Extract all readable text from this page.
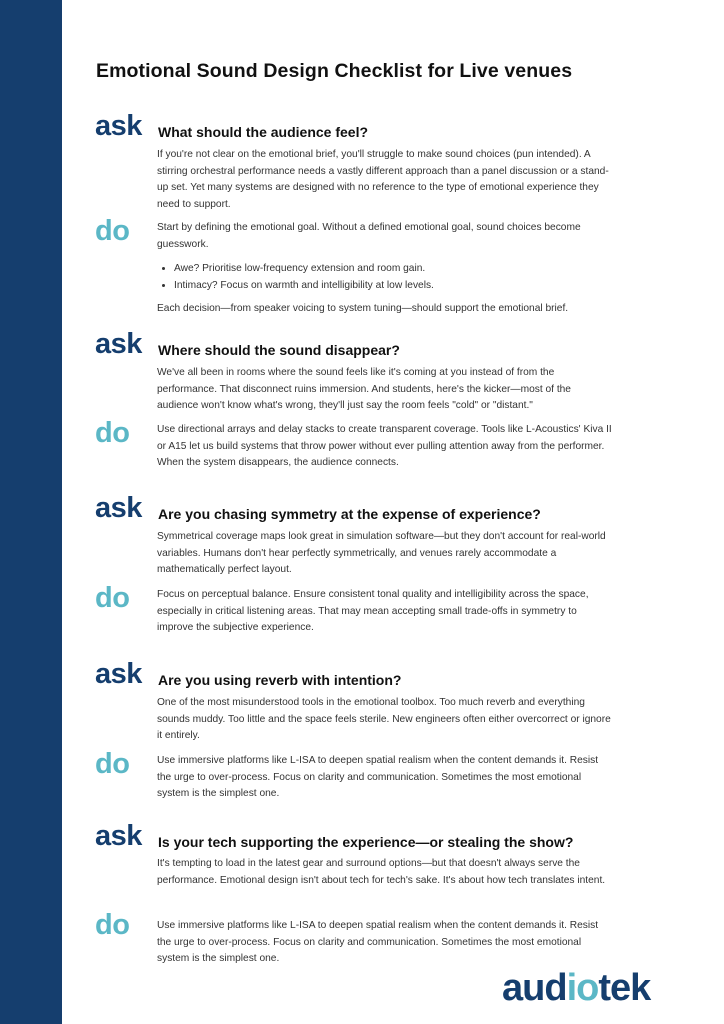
Emotional Sound Design Checklist for Live venues
ask What should the audience feel?

If you're not clear on the emotional brief, you'll struggle to make sound choices (pun intended). A stirring orchestral performance needs a vastly different approach than a panel discussion or a stand-up set. Yet many systems are designed with no reference to the type of emotional experience they need to support.

do	Start by defining the emotional goal. Without a defined emotional goal, sound choices become guesswork.

• Awe? Prioritise low-frequency extension and room gain.
• Intimacy? Focus on warmth and intelligibility at low levels.

Each decision—from speaker voicing to system tuning—should support the emotional brief.

ask Where should the sound disappear?

We've all been in rooms where the sound feels like it's coming at you instead of from the performance. That disconnect ruins immersion. And students, here's the kicker—most of the audience won't know what's wrong, they'll just say the room feels "cold" or "distant."

do	Use directional arrays and delay stacks to create transparent coverage. Tools like L-Acoustics' Kiva II or A15 let us build systems that throw power without ever pulling attention away from the performer. When the system disappears, the audience connects.

ask Are you chasing symmetry at the expense of experience?

Symmetrical coverage maps look great in simulation software—but they don't account for real-world variables. Humans don't hear perfectly symmetrically, and venues rarely accommodate a mathematically perfect layout.

do	Focus on perceptual balance. Ensure consistent tonal quality and intelligibility across the space, especially in critical listening areas. That may mean accepting small trade-offs in symmetry to improve the subjective experience.

ask Are you using reverb with intention?

One of the most misunderstood tools in the emotional toolbox. Too much reverb and everything sounds muddy. Too little and the space feels sterile. New engineers often either overcorrect or ignore it entirely.

do	Use immersive platforms like L-ISA to deepen spatial realism when the content demands it. Resist the urge to over-process. Focus on clarity and communication. Sometimes the most emotional system is the simplest one.

ask Is your tech supporting the experience—or stealing the show?

It's tempting to load in the latest gear and surround options—but that doesn't always serve the performance. Emotional design isn't about tech for tech's sake. It's about how tech translates intent.

do	Use immersive platforms like L-ISA to deepen spatial realism when the content demands it. Resist the urge to over-process. Focus on clarity and communication. Sometimes the most emotional system is the simplest one.

audiotek
